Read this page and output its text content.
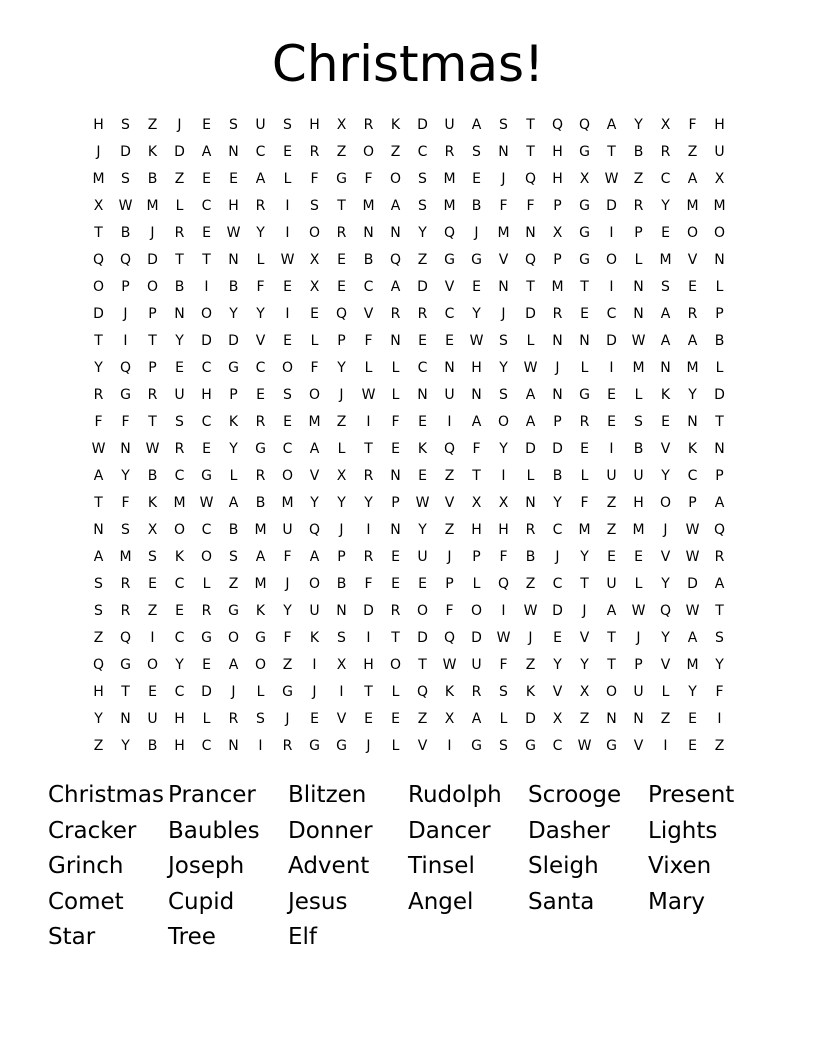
Christmas!
H	S	Z	J	E	S	U	S	H	X	R	K	D	U	A	S	T	Q	Q	A	Y	X	F	H
J	D	K	D	A	N	C	E	R	Z	O	Z	C	R	S	N	T	H	G	T	B	R	Z	U
M	S	B	Z	E	E	A	L	F	G	F	O	S	M	E	J	Q	H	X	W	Z	C	A	X
X	W	M	L	C	H	R	I	S	T	M	A	S	M	B	F	F	P	G	D	R	Y	M	M
T	B	J	R	E	W	Y	I	O	R	N	N	Y	Q	J	M	N	X	G	I	P	E	O	O
Q	Q	D	T	T	N	L	W	X	E	B	Q	Z	G	G	V	Q	P	G	O	L	M	V	N
O	P	O	B	I	B	F	E	X	E	C	A	D	V	E	N	T	M	T	I	N	S	E	L
D	J	P	N	O	Y	Y	I	E	Q	V	R	R	C	Y	J	D	R	E	C	N	A	R	P
T	I	T	Y	D	D	V	E	L	P	F	N	E	E	W	S	L	N	N	D	W	A	A	B
Y	Q	P	E	C	G	C	O	F	Y	L	L	C	N	H	Y	W	J	L	I	M	N	M	L
R	G	R	U	H	P	E	S	O	J	W	L	N	U	N	S	A	N	G	E	L	K	Y	D
F	F	T	S	C	K	R	E	M	Z	I	F	E	I	A	O	A	P	R	E	S	E	N	T
W	N	W	R	E	Y	G	C	A	L	T	E	K	Q	F	Y	D	D	E	I	B	V	K	N
A	Y	B	C	G	L	R	O	V	X	R	N	E	Z	T	I	L	B	L	U	U	Y	C	P
T	F	K	M	W	A	B	M	Y	Y	Y	P	W	V	X	X	N	Y	F	Z	H	O	P	A
N	S	X	O	C	B	M	U	Q	J	I	N	Y	Z	H	H	R	C	M	Z	M	J	W	Q
A	M	S	K	O	S	A	F	A	P	R	E	U	J	P	F	B	J	Y	E	E	V	W	R
S	R	E	C	L	Z	M	J	O	B	F	E	E	P	L	Q	Z	C	T	U	L	Y	D	A
S	R	Z	E	R	G	K	Y	U	N	D	R	O	F	O	I	W	D	J	A	W	Q	W	T
Z	Q	I	C	G	O	G	F	K	S	I	T	D	Q	D	W	J	E	V	T	J	Y	A	S
Q	G	O	Y	E	A	O	Z	I	X	H	O	T	W	U	F	Z	Y	Y	T	P	V	M	Y
H	T	E	C	D	J	L	G	J	I	T	L	Q	K	R	S	K	V	X	O	U	L	Y	F
Y	N	U	H	L	R	S	J	E	V	E	E	Z	X	A	L	D	X	Z	N	N	Z	E	I
Z	Y	B	H	C	N	I	R	G	G	J	L	V	I	G	S	G	C	W	G	V	I	E	Z
Christmas Prancer	Blitzen	Rudolph	Scrooge	Present
Cracker	Baubles	Donner	Dancer	Dasher	Lights
Grinch	Joseph	Advent	Tinsel	Sleigh	Vixen
Comet	Cupid	Jesus	Angel	Santa	Mary
Star	Tree	Elf
